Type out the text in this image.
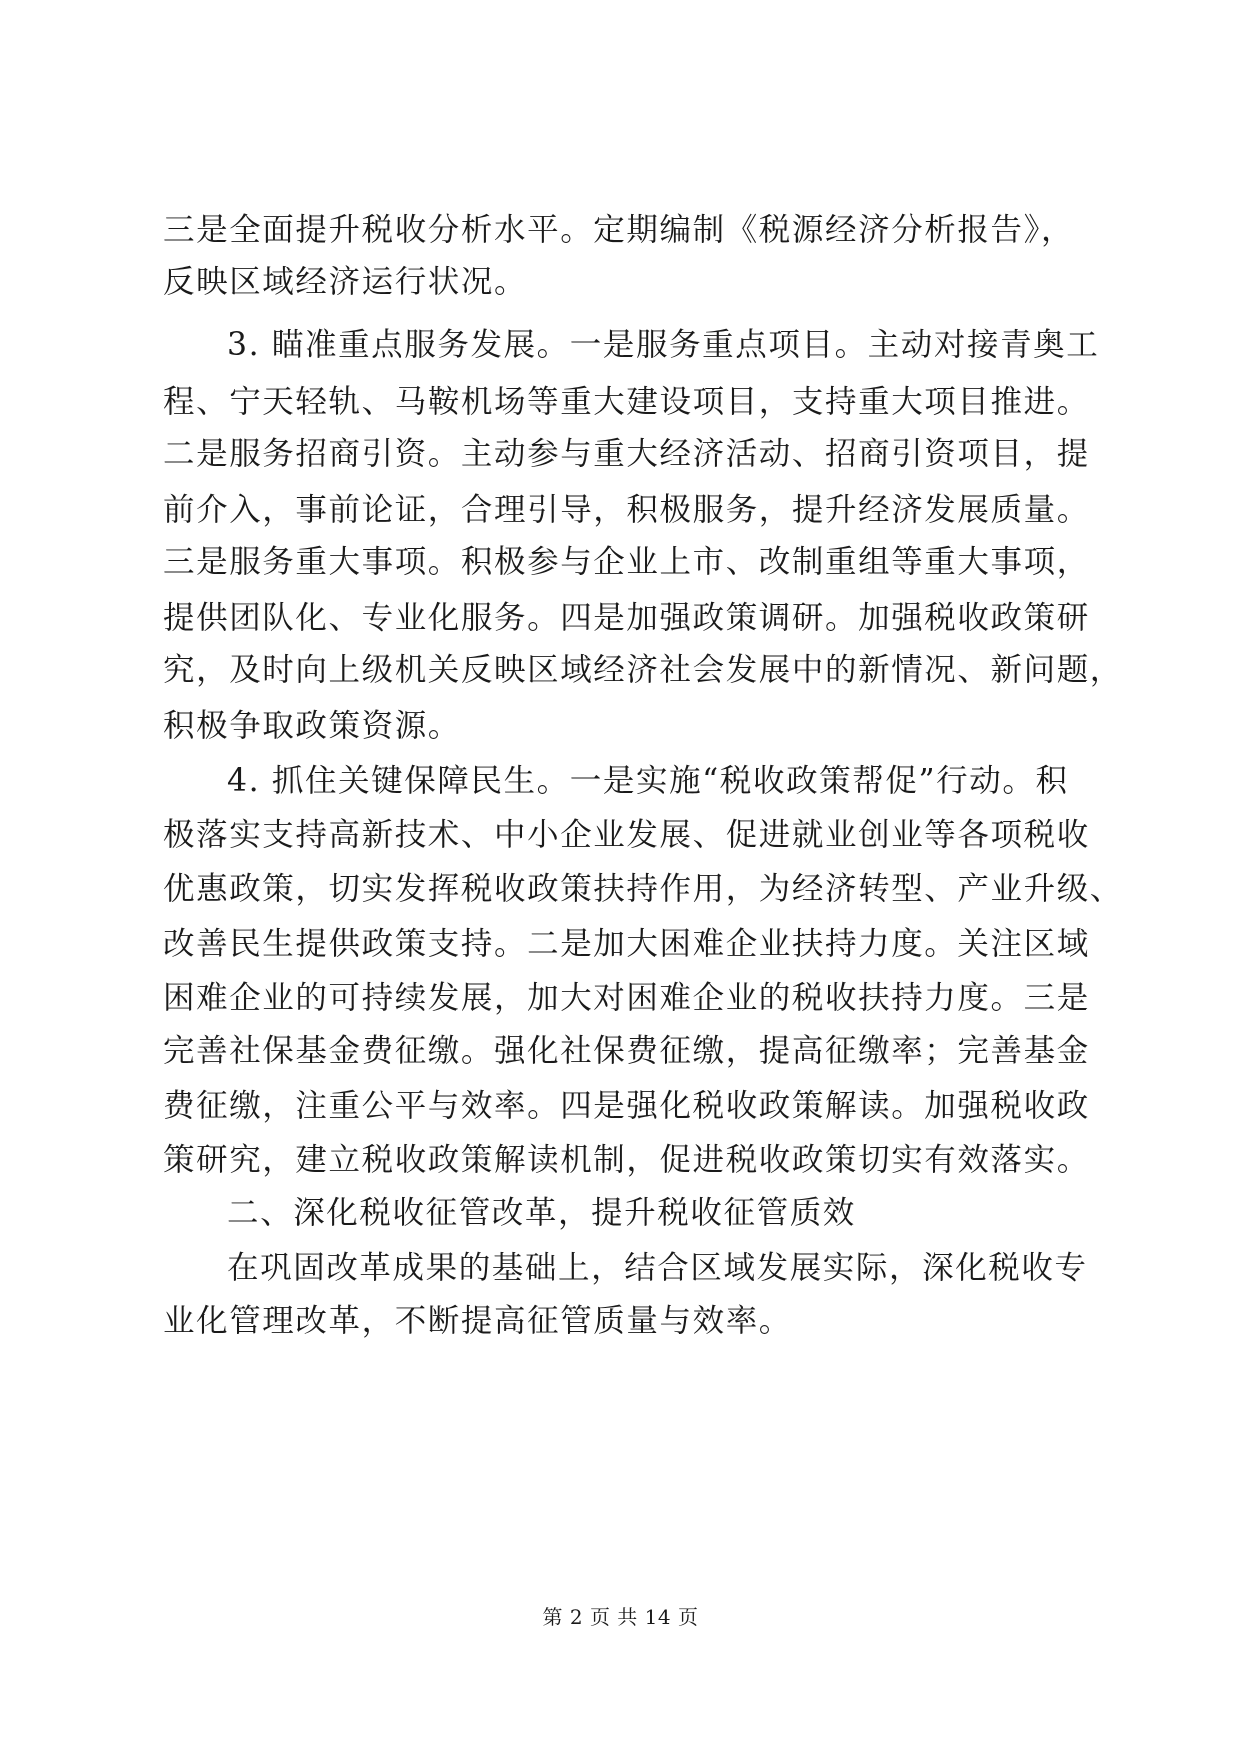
三是全面提升税收分析水平。定期编制《税源经济分析报告》，
反映区域经济运行状况。
3. 瞄准重点服务发展。一是服务重点项目。主动对接青奥工
程、宁天轻轨、马鞍机场等重大建设项目，支持重大项目推进。
二是服务招商引资。主动参与重大经济活动、招商引资项目，提
前介入，事前论证，合理引导，积极服务，提升经济发展质量。
三是服务重大事项。积极参与企业上市、改制重组等重大事项，
提供团队化、专业化服务。四是加强政策调研。加强税收政策研
究，及时向上级机关反映区域经济社会发展中的新情况、新问题，
积极争取政策资源。
4. 抓住关键保障民生。一是实施“税收政策帮促”行动。积
极落实支持高新技术、中小企业发展、促进就业创业等各项税收
优惠政策，切实发挥税收政策扶持作用，为经济转型、产业升级、
改善民生提供政策支持。二是加大困难企业扶持力度。关注区域
困难企业的可持续发展，加大对困难企业的税收扶持力度。三是
完善社保基金费征缴。强化社保费征缴，提高征缴率；完善基金
费征缴，注重公平与效率。四是强化税收政策解读。加强税收政
策研究，建立税收政策解读机制，促进税收政策切实有效落实。
二、深化税收征管改革，提升税收征管质效
在巩固改革成果的基础上，结合区域发展实际，深化税收专
业化管理改革，不断提高征管质量与效率。
第 2 页 共 14 页
